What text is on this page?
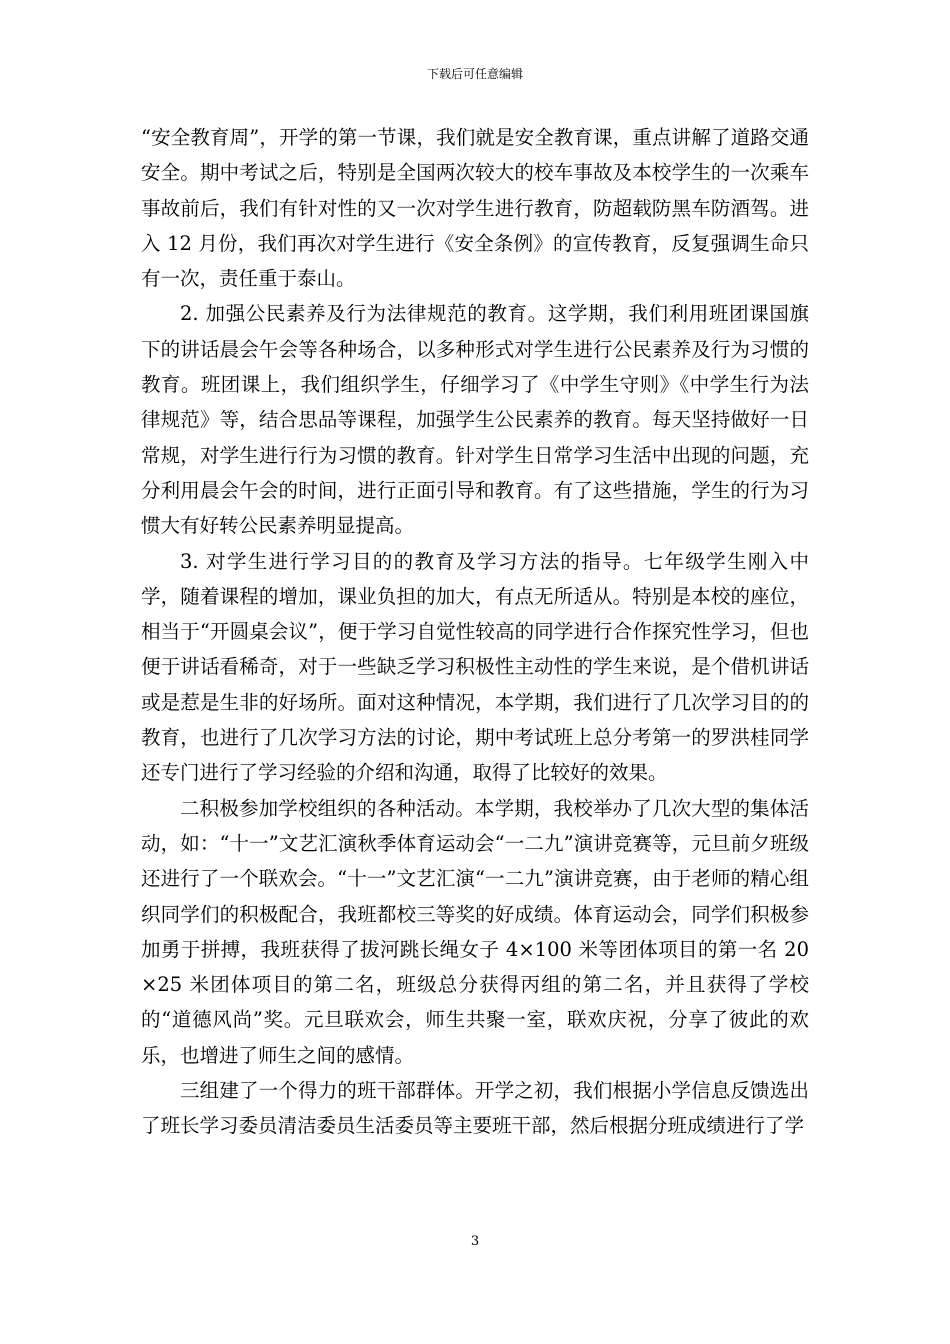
下载后可任意编辑

“安全教育周”，开学的第一节课，我们就是安全教育课，重点讲解了道路交通安全。期中考试之后，特别是全国两次较大的校车事故及本校学生的一次乘车事故前后，我们有针对性的又一次对学生进行教育，防超载防黑车防酒驾。进入 12 月份，我们再次对学生进行《安全条例》的宣传教育，反复强调生命只有一次，责任重于泰山。

2. 加强公民素养及行为法律规范的教育。这学期，我们利用班团课国旗下的讲话晨会午会等各种场合，以多种形式对学生进行公民素养及行为习惯的教育。班团课上，我们组织学生，仔细学习了《中学生守则》《中学生行为法律规范》等，结合思品等课程，加强学生公民素养的教育。每天坚持做好一日常规，对学生进行行为习惯的教育。针对学生日常学习生活中出现的问题，充分利用晨会午会的时间，进行正面引导和教育。有了这些措施，学生的行为习惯大有好转公民素养明显提高。

3. 对学生进行学习目的的教育及学习方法的指导。七年级学生刚入中学，随着课程的增加，课业负担的加大，有点无所适从。特别是本校的座位，相当于“开圆桌会议”，便于学习自觉性较高的同学进行合作探究性学习，但也便于讲话看稀奇，对于一些缺乏学习积极性主动性的学生来说，是个借机讲话或是惹是生非的好场所。面对这种情况，本学期，我们进行了几次学习目的的教育，也进行了几次学习方法的讨论，期中考试班上总分考第一的罗洪桂同学还专门进行了学习经验的介绍和沟通，取得了比较好的效果。

二积极参加学校组织的各种活动。本学期，我校举办了几次大型的集体活动，如：“十一”文艺汇演秋季体育运动会“一二九”演讲竞赛等，元旦前夕班级还进行了一个联欢会。“十一”文艺汇演“一二九”演讲竞赛，由于老师的精心组织同学们的积极配合，我班都校三等奖的好成绩。体育运动会，同学们积极参加勇于拼搏，我班获得了拔河跳长绳女子 4×100 米等团体项目的第一名 20×25 米团体项目的第二名，班级总分获得丙组的第二名，并且获得了学校的“道德风尚”奖。元旦联欢会，师生共聚一室，联欢庆祝，分享了彼此的欢乐，也增进了师生之间的感情。

三组建了一个得力的班干部群体。开学之初，我们根据小学信息反馈选出了班长学习委员清洁委员生活委员等主要班干部，然后根据分班成绩进行了学

3
